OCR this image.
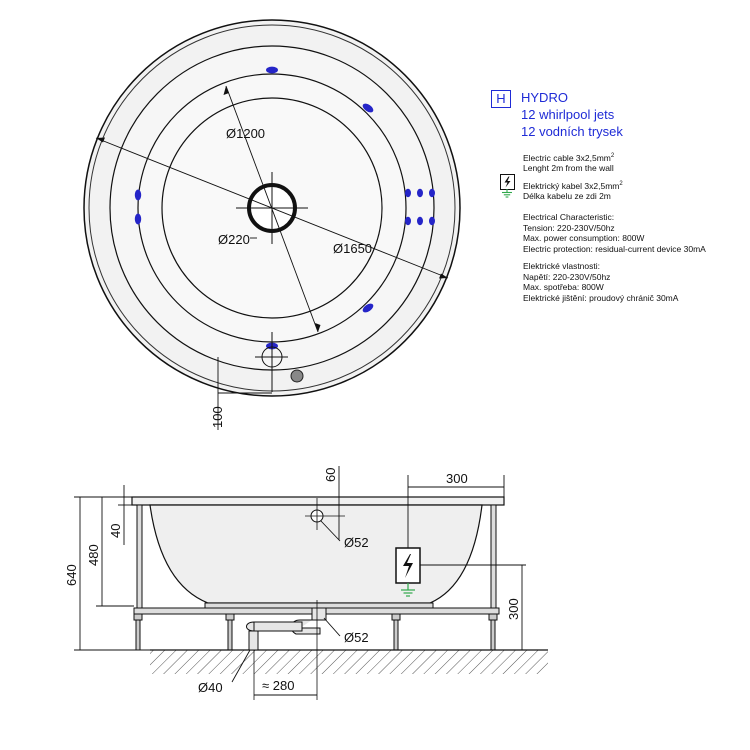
Ø1200
Ø220
Ø1650
100
640
480
40
60
Ø52
Ø52
300
300
Ø40	≈ 280
H	HYDRO

12 whirlpool jets

12 vodních trysek

Electric cable $3x2,5mm^2$

Lenght 2m from the wall

Elektrický kabel $3x2,5mm^2$

Délka kabelu ze zdi 2m

Electrical Characteristic:

Tension: 220-230V/50hz

Max. power consumption: 800W

Electric protection: residual-current device 30mA

Elektrické vlastnosti:

Napětí: 220-230V/50hz

Max. spotřeba: 800W

Elektrické jištění: proudový chránič 30mA
